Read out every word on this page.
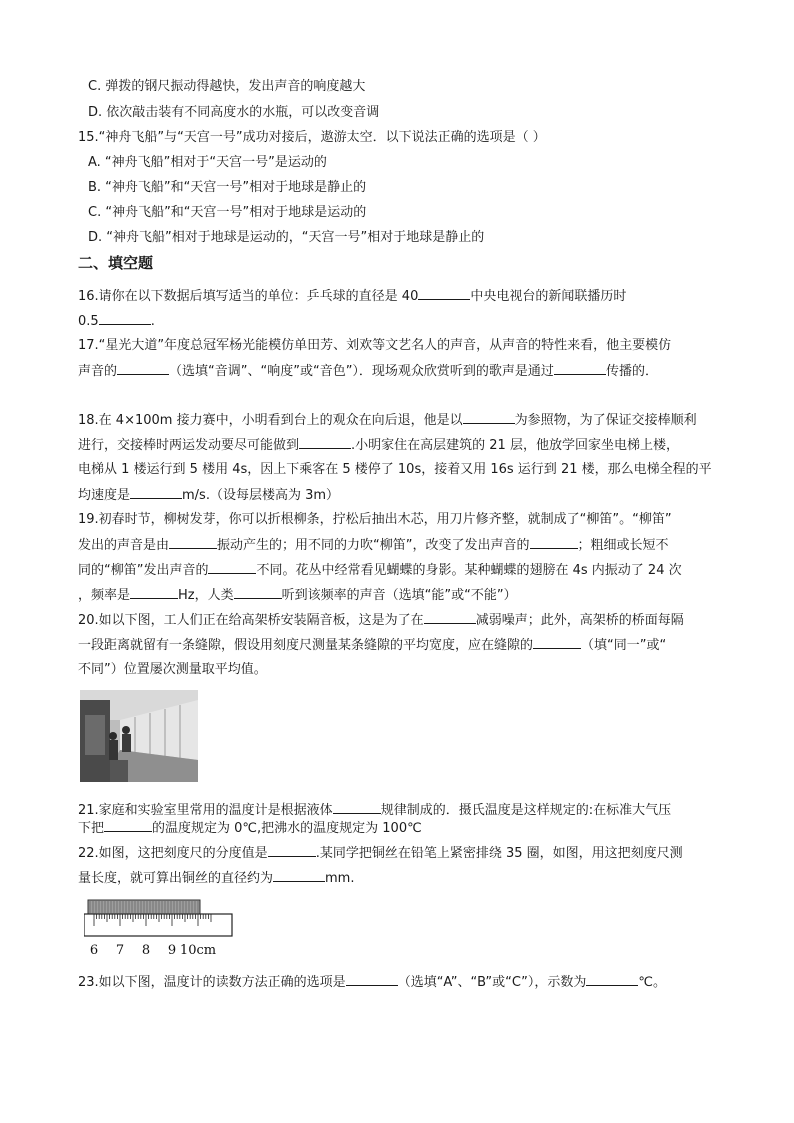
C. 弹拨的钢尺振动得越快，发出声音的响度越大
D. 依次敲击装有不同高度水的水瓶，可以改变音调
15.“神舟飞船”与“天宫一号”成功对接后，遨游太空．以下说法正确的选项是（ ）
A. “神舟飞船”相对于“天宫一号”是运动的
B. “神舟飞船”和“天宫一号”相对于地球是静止的
C. “神舟飞船”和“天宫一号”相对于地球是运动的
D. “神舟飞船”相对于地球是运动的，“天宫一号”相对于地球是静止的
二、填空题
16.请你在以下数据后填写适当的单位：乒乓球的直径是 40	中央电视台的新闻联播历时
0.5	.
17.“星光大道”年度总冠军杨光能模仿单田芳、刘欢等文艺名人的声音，从声音的特性来看，他主要模仿
声音的	（选填“音调”、“响度”或“音色”）．现场观众欣赏听到的歌声是通过	传播的．
18.在 4×100m 接力赛中，小明看到台上的观众在向后退，他是以	为参照物，为了保证交接棒顺利
进行，交接棒时两运发动要尽可能做到	.小明家住在高层建筑的 21 层，他放学回家坐电梯上楼，
电梯从 1 楼运行到 5 楼用 4s，因上下乘客在 5 楼停了 10s，接着又用 16s 运行到 21 楼，那么电梯全程的平
均速度是	m/s.（设每层楼高为 3m）
19.初春时节，柳树发芽，你可以折根柳条，拧松后抽出木芯，用刀片修齐整，就制成了“柳笛”。“柳笛”
发出的声音是由	振动产生的；用不同的力吹“柳笛”，改变了发出声音的	；粗细或长短不
同的“柳笛”发出声音的	不同。花丛中经常看见蝴蝶的身影。某种蝴蝶的翅膀在 4s 内振动了 24 次
，频率是	Hz，人类	听到该频率的声音（选填“能”或“不能”）
20.如以下图，工人们正在给高架桥安装隔音板，这是为了在	减弱噪声；此外，高架桥的桥面每隔
一段距离就留有一条缝隙，假设用刻度尺测量某条缝隙的平均宽度，应在缝隙的	（填“同一”或“
不同”）位置屡次测量取平均值。
21.家庭和实验室里常用的温度计是根据液体	规律制成的．摄氏温度是这样规定的:在标准大气压
下把	的温度规定为 0℃,把沸水的温度规定为 100℃
22.如图，这把刻度尺的分度值是	.某同学把铜丝在铅笔上紧密排绕 35 圈，如图，用这把刻度尺测
量长度，就可算出铜丝的直径约为	mm.
6 7 8 9 10cm
23.如以下图，温度计的读数方法正确的选项是	（选填“A”、“B”或“C”），示数为	℃。
